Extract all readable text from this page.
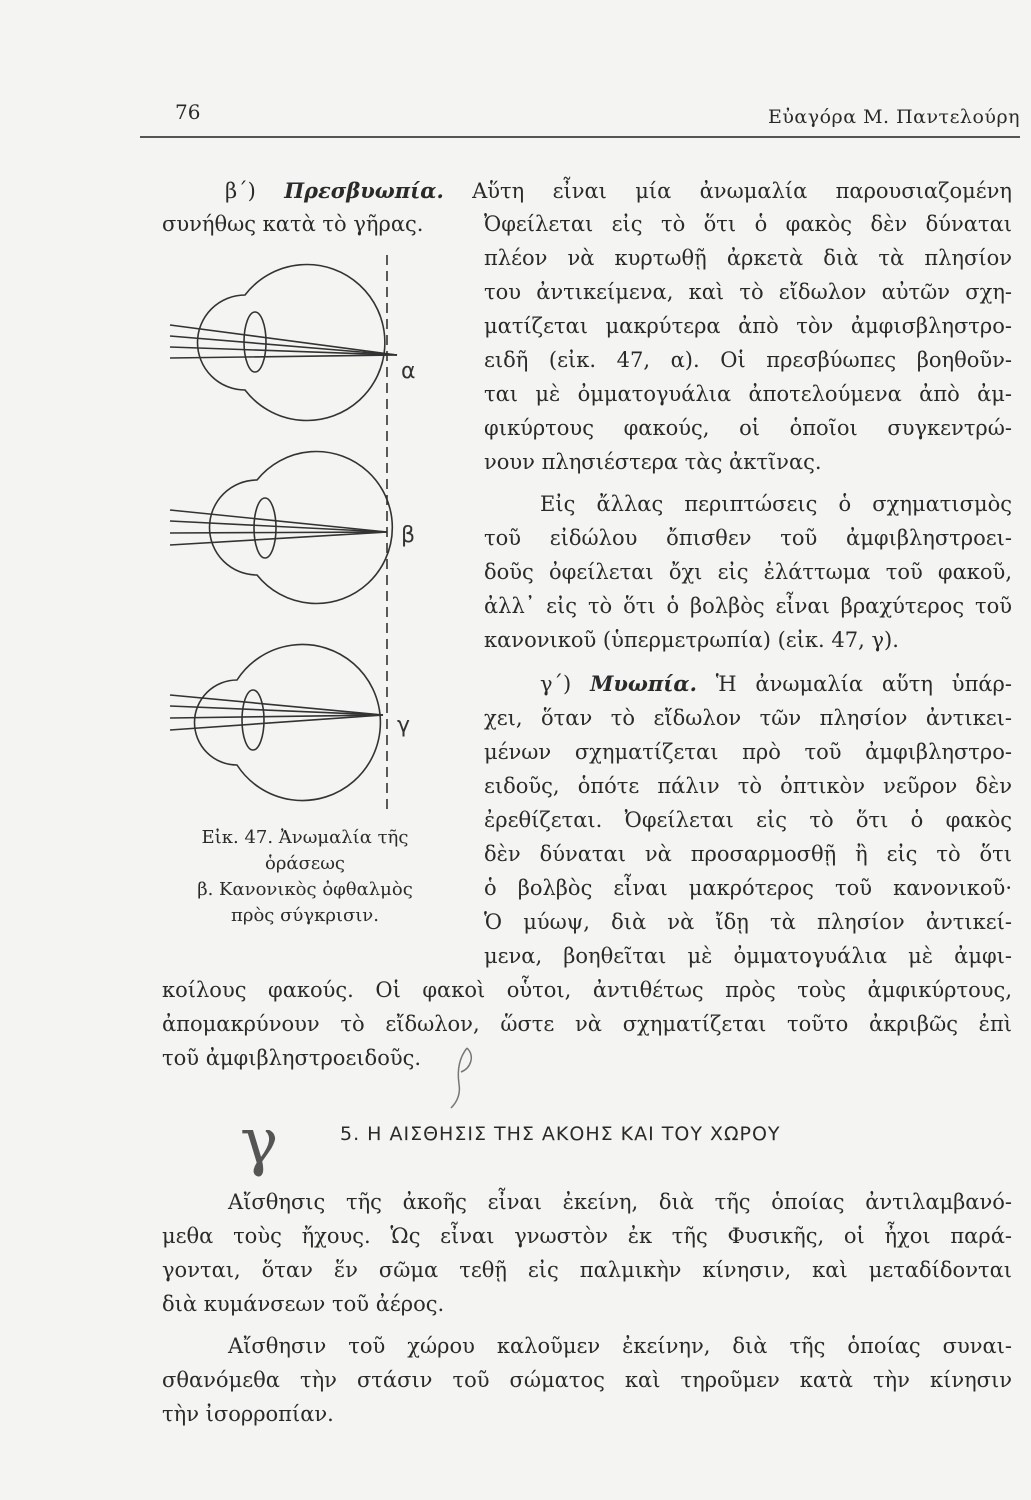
76	Εὐαγόρα Μ. Παντελούρη
β΄) Πρεσβυωπία. Αὕτη εἶναι μία ἀνωμαλία παρουσιαζομένη
συνήθως κατὰ τὸ γῆρας.	Ὀφείλεται εἰς τὸ ὅτι ὁ φακὸς δὲν δύναται
πλέον νὰ κυρτωθῇ ἀρκετὰ διὰ τὰ πλησίον
του ἀντικείμενα, καὶ τὸ εἴδωλον αὐτῶν σχη-
ματίζεται μακρύτερα ἀπὸ τὸν ἀμφισβληστρο-
ειδῆ (εἰκ. 47, α). Οἱ πρεσβύωπες βοηθοῦν-
ται μὲ ὀμματογυάλια ἀποτελούμενα ἀπὸ ἀμ-
φικύρτους φακούς, οἱ ὁποῖοι συγκεντρώ-
νουν πλησιέστερα τὰς ἀκτῖνας.
Εἰς ἄλλας περιπτώσεις ὁ σχηματισμὸς
τοῦ εἰδώλου ὄπισθεν τοῦ ἀμφιβληστροει-
δοῦς ὀφείλεται ὄχι εἰς ἐλάττωμα τοῦ φακοῦ,
ἀλλ᾽ εἰς τὸ ὅτι ὁ βολβὸς εἶναι βραχύτερος τοῦ
κανονικοῦ (ὑπερμετρωπία) (εἰκ. 47, γ).
γ΄) Μυωπία. Ἡ ἀνωμαλία αὕτη ὑπάρ-
χει, ὅταν τὸ εἴδωλον τῶν πλησίον ἀντικει-
μένων σχηματίζεται πρὸ τοῦ ἀμφιβληστρο-
ειδοῦς, ὁπότε πάλιν τὸ ὀπτικὸν νεῦρον δὲν
ἐρεθίζεται. Ὀφείλεται εἰς τὸ ὅτι ὁ φακὸς
δὲν δύναται νὰ προσαρμοσθῇ ἢ εἰς τὸ ὅτι
ὁ βολβὸς εἶναι μακρότερος τοῦ κανονικοῦ·
Ὁ μύωψ, διὰ νὰ ἴδῃ τὰ πλησίον ἀντικεί-
μενα, βοηθεῖται μὲ ὀμματογυάλια μὲ ἀμφι-
κοίλους φακούς. Οἱ φακοὶ οὗτοι, ἀντιθέτως πρὸς τοὺς ἀμφικύρτους,
ἀπομακρύνουν τὸ εἴδωλον, ὥστε νὰ σχηματίζεται τοῦτο ἀκριβῶς ἐπὶ
τοῦ ἀμφιβληστροειδοῦς.
α
β
γ
Εἰκ. 47. Ἀνωμαλία τῆς
ὁράσεως
β. Κανονικὸς ὀφθαλμὸς
πρὸς σύγκρισιν.
γ	5. Η ΑΙΣΘΗΣΙΣ ΤΗΣ ΑΚΟΗΣ ΚΑΙ ΤΟΥ ΧΩΡΟΥ
Αἴσθησις τῆς ἀκοῆς εἶναι ἐκείνη, διὰ τῆς ὁποίας ἀντιλαμβανό-
μεθα τοὺς ἤχους. Ὡς εἶναι γνωστὸν ἐκ τῆς Φυσικῆς, οἱ ἦχοι παρά-
γονται, ὅταν ἕν σῶμα τεθῇ εἰς παλμικὴν κίνησιν, καὶ μεταδίδονται
διὰ κυμάνσεων τοῦ ἀέρος.
Αἴσθησιν τοῦ χώρου καλοῦμεν ἐκείνην, διὰ τῆς ὁποίας συναι-
σθανόμεθα τὴν στάσιν τοῦ σώματος καὶ τηροῦμεν κατὰ τὴν κίνησιν
τὴν ἰσορροπίαν.
